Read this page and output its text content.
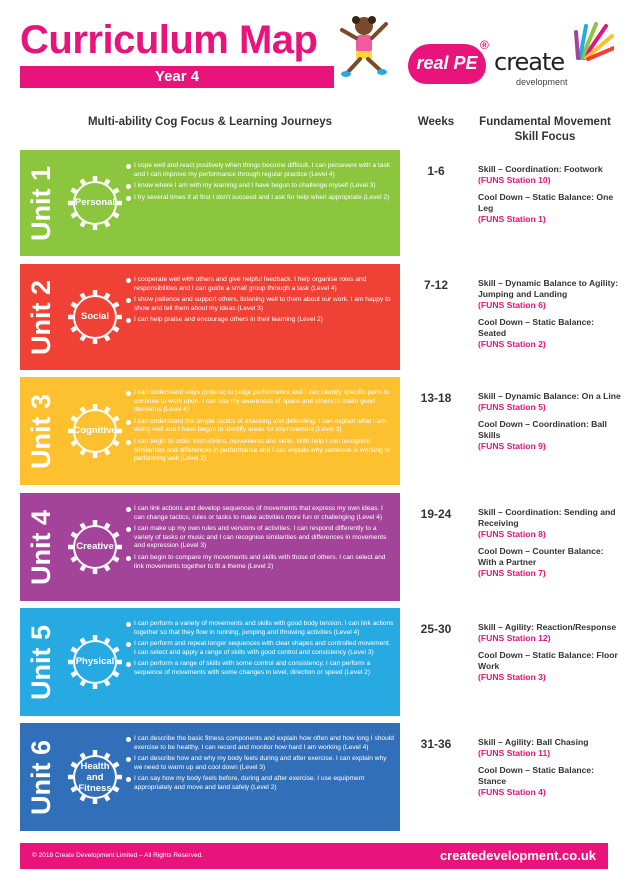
Curriculum Map
Year 4
real PE
®
create
development
Multi-ability Cog Focus & Learning Journeys	Weeks	Fundamental Movement Skill Focus
Unit 1	Personal
I cope well and react positively when things become difficult. I can persevere with a task and I can improve my performance through regular practice (Level 4)
I know where I am with my learning and I have begun to challenge myself (Level 3)
I try several times if at first I don't succeed and I ask for help when appropriate (Level 2)
1-6	Skill – Coordination: Footwork
(FUNS Station 10)
Cool Down – Static Balance: One Leg
(FUNS Station 1)
Unit 2	Social
I cooperate well with others and give helpful feedback. I help organise roles and responsibilities and I can guide a small group through a task (Level 4)
I show patience and support others, listening well to them about our work. I am happy to show and tell them about my ideas (Level 3)
I can help praise and encourage others in their learning (Level 2)
7-12	Skill – Dynamic Balance to Agility: Jumping and Landing
(FUNS Station 6)
Cool Down – Static Balance: Seated
(FUNS Station 2)
Unit 3	Cognitive
I can understand ways (criteria) to judge performance and I can identify specific parts to continue to work upon. I can use my awareness of space and others to make good decisions (Level 4)
I can understand the simple tactics of attacking and defending. I can explain what I am doing well and I have begun to identify areas for improvement (Level 3)
I can begin to order instructions, movements and skills. With help I can recognise similarities and differences in performance and I can explain why someone is working or performing well (Level 2)
13-18	Skill – Dynamic Balance: On a Line
(FUNS Station 5)
Cool Down – Coordination: Ball Skills
(FUNS Station 9)
Unit 4	Creative
I can link actions and develop sequences of movements that express my own ideas. I can change tactics, rules or tasks to make activities more fun or challenging (Level 4)
I can make up my own rules and versions of activities. I can respond differently to a variety of tasks or music and I can recognise similarities and differences in movements and expression (Level 3)
I can begin to compare my movements and skills with those of others. I can select and link movements together to fit a theme (Level 2)
19-24	Skill – Coordination: Sending and Receiving
(FUNS Station 8)
Cool Down – Counter Balance: With a Partner
(FUNS Station 7)
Unit 5	Physical
I can perform a variety of movements and skills with good body tension. I can link actions together so that they flow in running, jumping and throwing activities (Level 4)
I can perform and repeat longer sequences with clear shapes and controlled movement. I can select and apply a range of skills with good control and consistency (Level 3)
I can perform a range of skills with some control and consistency. I can perform a sequence of movements with some changes in level, direction or speed (Level 2)
25-30	Skill – Agility: Reaction/Response
(FUNS Station 12)
Cool Down – Static Balance: Floor Work
(FUNS Station 3)
Unit 6	Health and Fitness
I can describe the basic fitness components and explain how often and how long I should exercise to be healthy. I can record and monitor how hard I am working (Level 4)
I can describe how and why my body feels during and after exercise. I can explain why we need to warm up and cool down (Level 3)
I can say how my body feels before, during and after exercise. I use equipment appropriately and move and land safely (Level 2)
31-36	Skill – Agility: Ball Chasing
(FUNS Station 11)
Cool Down – Static Balance: Stance
(FUNS Station 4)
© 2018 Create Development Limited – All Rights Reserved.	createdevelopment.co.uk
